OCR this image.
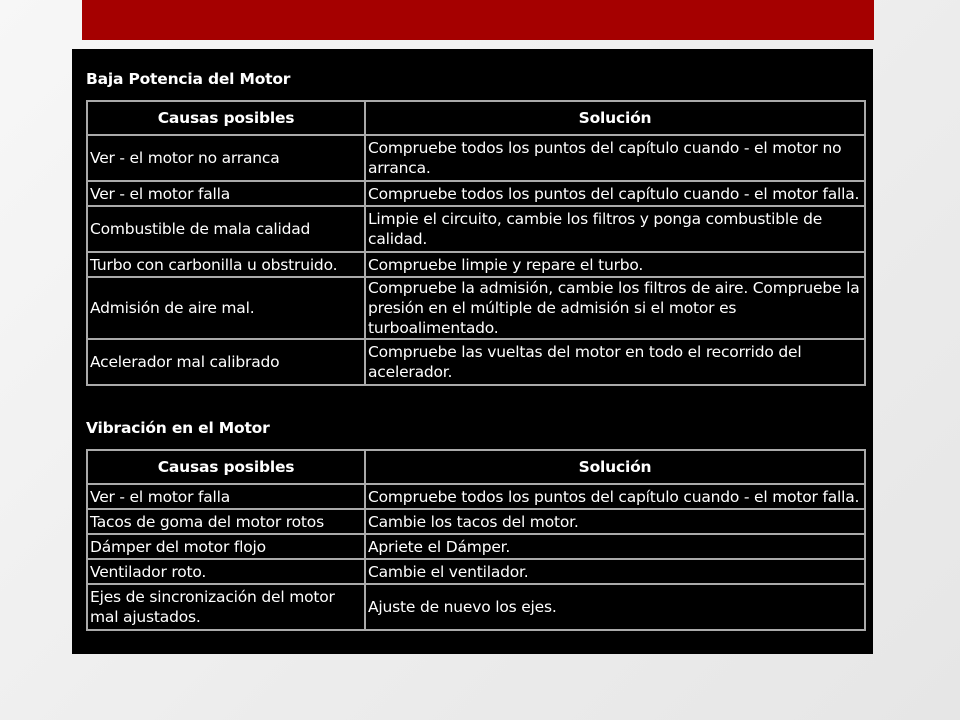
Baja Potencia del Motor
Causas posibles	Solución
Ver - el motor no arranca	Compruebe todos los puntos del capítulo cuando - el motor no arranca.
Ver - el motor falla	Compruebe todos los puntos del capítulo cuando - el motor falla.
Combustible de mala calidad	Limpie el circuito, cambie los filtros y ponga combustible de calidad.
Turbo con carbonilla u obstruido.	Compruebe limpie y repare el turbo.
Admisión de aire mal.	Compruebe la admisión, cambie los filtros de aire. Compruebe la presión en el múltiple de admisión si el motor es turboalimentado.
Acelerador mal calibrado	Compruebe las vueltas del motor en todo el recorrido del acelerador.
Vibración en el Motor
Causas posibles	Solución
Ver - el motor falla	Compruebe todos los puntos del capítulo cuando - el motor falla.
Tacos de goma del motor rotos	Cambie los tacos del motor.
Dámper del motor flojo	Apriete el Dámper.
Ventilador roto.	Cambie el ventilador.
Ejes de sincronización del motor mal ajustados.	Ajuste de nuevo los ejes.
